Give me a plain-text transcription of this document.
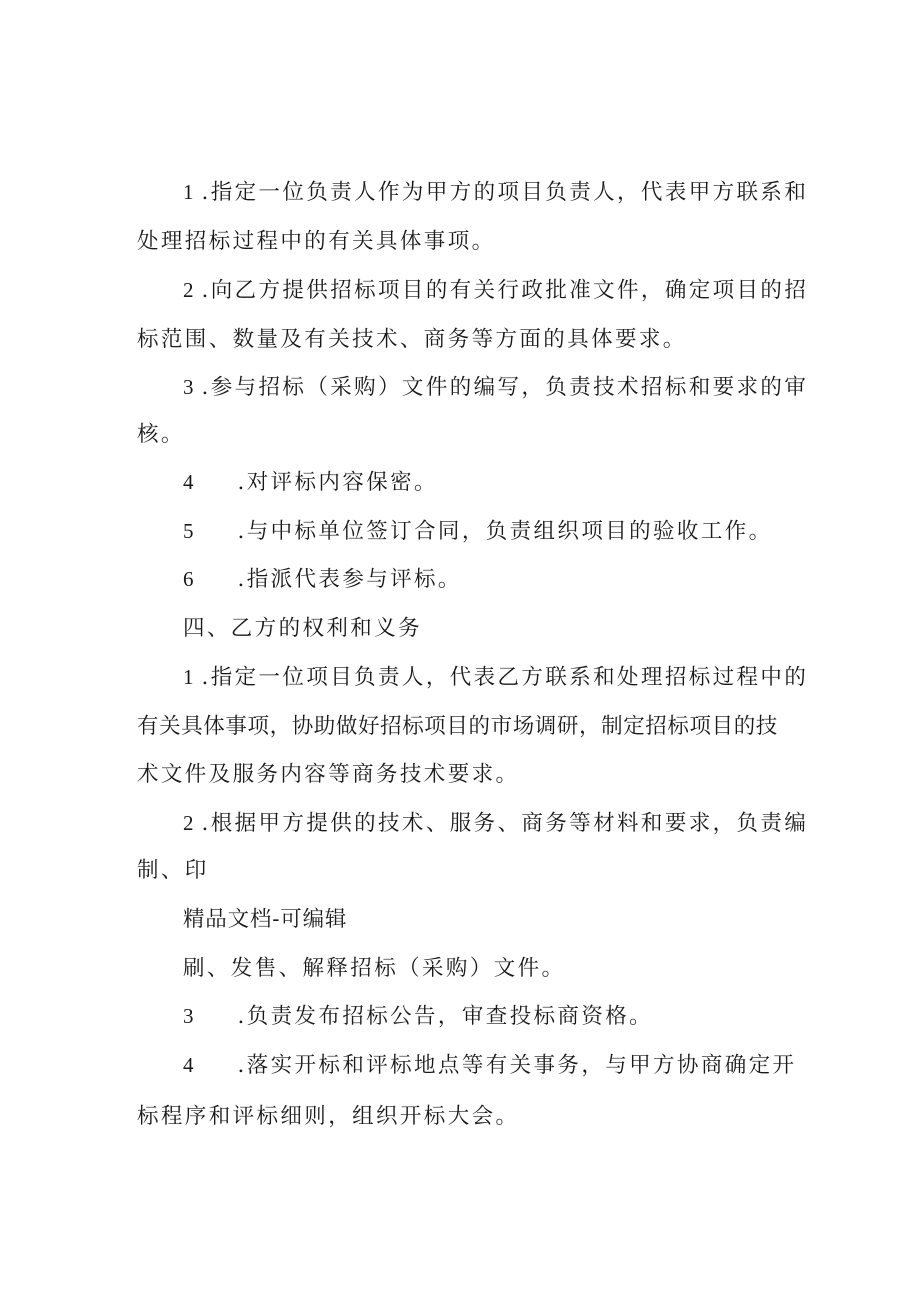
1 .指定一位负责人作为甲方的项目负责人，代表甲方联系和
处理招标过程中的有关具体事项。
2 .向乙方提供招标项目的有关行政批准文件，确定项目的招
标范围、数量及有关技术、商务等方面的具体要求。
3 .参与招标（采购）文件的编写，负责技术招标和要求的审
核。
4 .对评标内容保密。
5 .与中标单位签订合同，负责组织项目的验收工作。
6 .指派代表参与评标。
四、乙方的权利和义务
1 .指定一位项目负责人，代表乙方联系和处理招标过程中的
有关具体事项，协助做好招标项目的市场调研，制定招标项目的技
术文件及服务内容等商务技术要求。
2 .根据甲方提供的技术、服务、商务等材料和要求，负责编
制、印
精品文档-可编辑
刷、发售、解释招标（采购）文件。
3 .负责发布招标公告，审查投标商资格。
4 .落实开标和评标地点等有关事务，与甲方协商确定开
标程序和评标细则，组织开标大会。
